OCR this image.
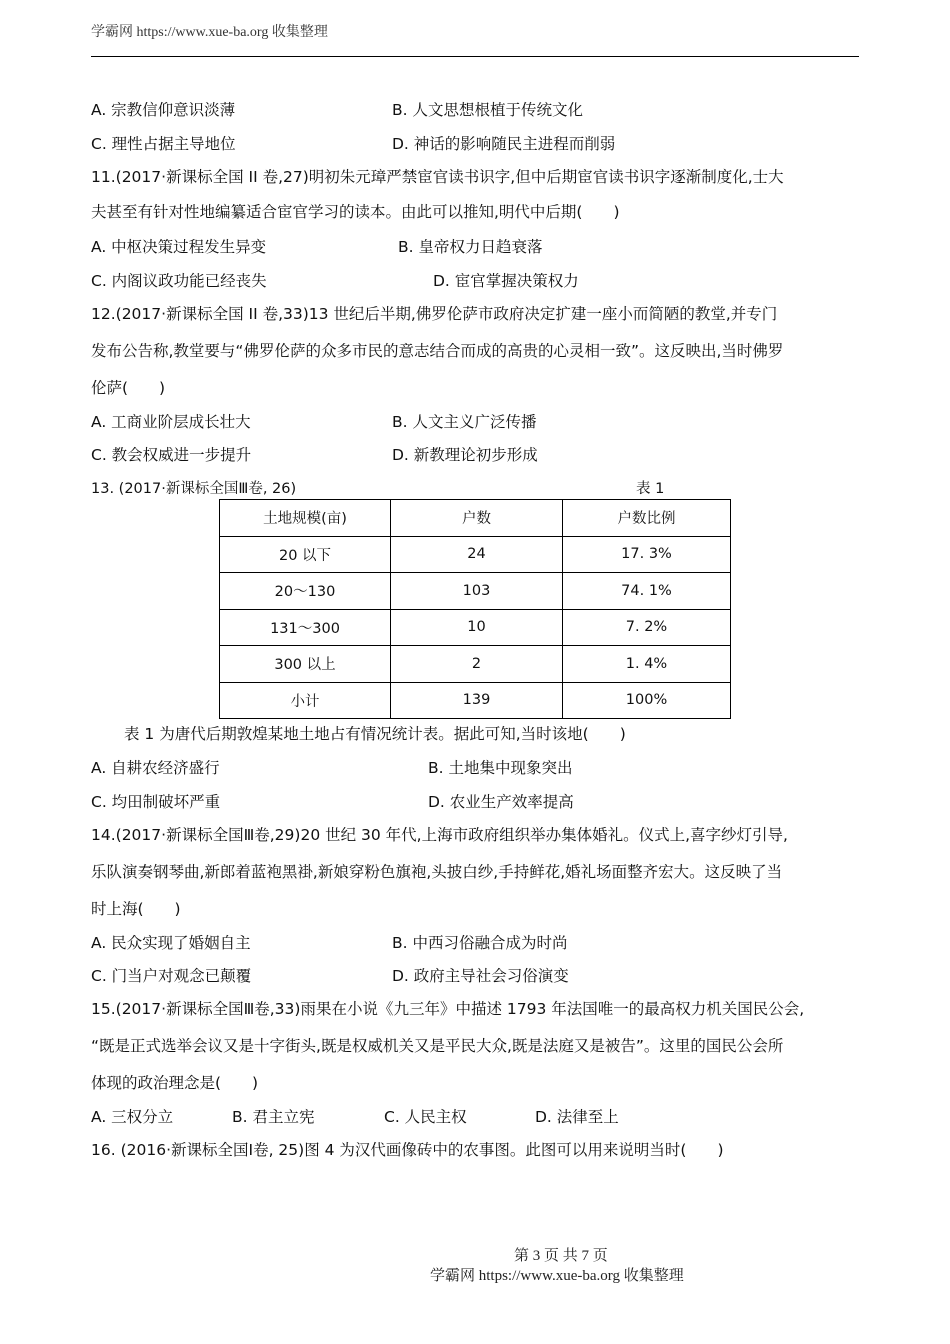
学霸网 https://www.xue-ba.org 收集整理
A. 宗教信仰意识淡薄	B. 人文思想根植于传统文化
C. 理性占据主导地位	D. 神话的影响随民主进程而削弱
11.(2017·新课标全国 II 卷,27)明初朱元璋严禁宦官读书识字,但中后期宦官读书识字逐渐制度化,士大
夫甚至有针对性地编纂适合宦官学习的读本。由此可以推知,明代中后期(　　)
A. 中枢决策过程发生异变	B. 皇帝权力日趋衰落
C. 内阁议政功能已经丧失	D. 宦官掌握决策权力
12.(2017·新课标全国 II 卷,33)13 世纪后半期,佛罗伦萨市政府决定扩建一座小而简陋的教堂,并专门
发布公告称,教堂要与“佛罗伦萨的众多市民的意志结合而成的高贵的心灵相一致”。这反映出,当时佛罗
伦萨(　　)
A. 工商业阶层成长壮大	B. 人文主义广泛传播
C. 教会权威进一步提升	D. 新教理论初步形成
13. (2017·新课标全国Ⅲ卷, 26)	表 1
土地规模(亩)	户数	户数比例
20 以下	24	17. 3%
20～130	103	74. 1%
131～300	10	7. 2%
300 以上	2	1. 4%
小计	139	100%
表 1 为唐代后期敦煌某地土地占有情况统计表。据此可知,当时该地(　　)
A. 自耕农经济盛行	B. 土地集中现象突出
C. 均田制破坏严重	D. 农业生产效率提高
14.(2017·新课标全国Ⅲ卷,29)20 世纪 30 年代,上海市政府组织举办集体婚礼。仪式上,喜字纱灯引导,
乐队演奏钢琴曲,新郎着蓝袍黑褂,新娘穿粉色旗袍,头披白纱,手持鲜花,婚礼场面整齐宏大。这反映了当
时上海(　　)
A. 民众实现了婚姻自主	B. 中西习俗融合成为时尚
C. 门当户对观念已颠覆	D. 政府主导社会习俗演变
15.(2017·新课标全国Ⅲ卷,33)雨果在小说《九三年》中描述 1793 年法国唯一的最高权力机关国民公会,
“既是正式选举会议又是十字街头,既是权威机关又是平民大众,既是法庭又是被告”。这里的国民公会所
体现的政治理念是(　　)
A. 三权分立	B. 君主立宪	C. 人民主权	D. 法律至上
16. (2016·新课标全国Ⅰ卷, 25)图 4 为汉代画像砖中的农事图。此图可以用来说明当时(　　)
第 3 页 共 7 页
学霸网 https://www.xue-ba.org 收集整理
